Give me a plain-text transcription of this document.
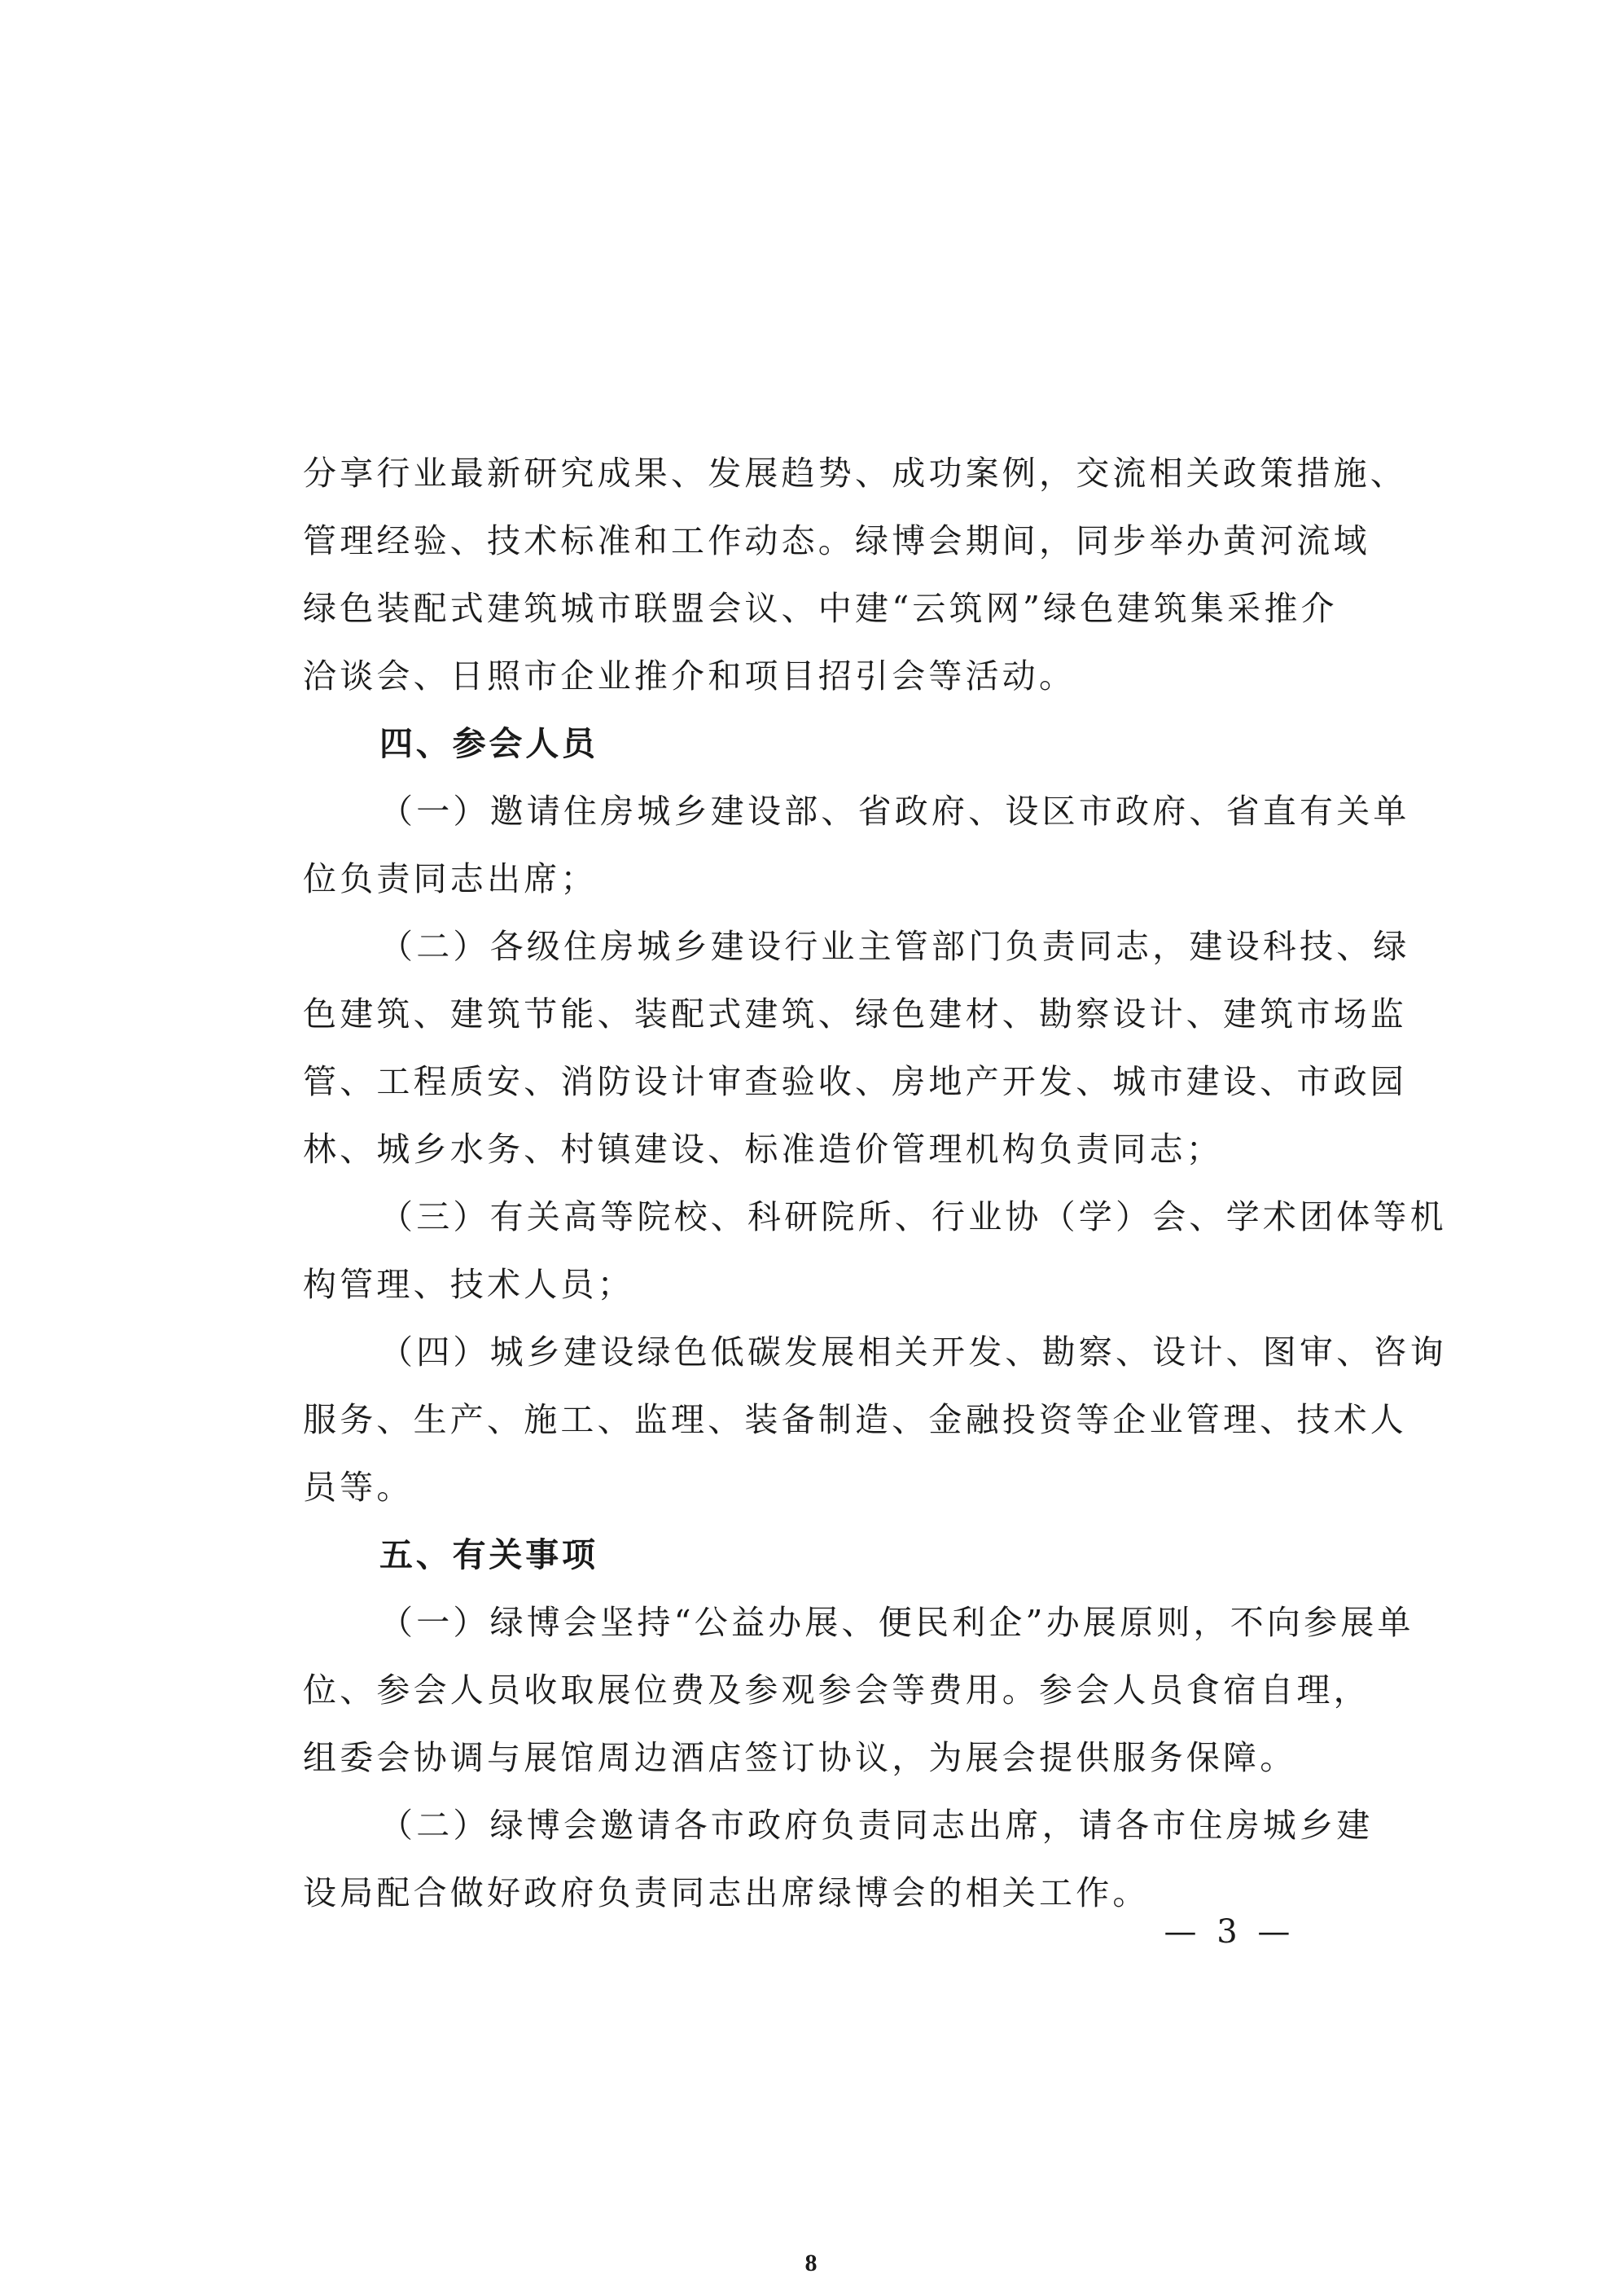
分享行业最新研究成果、发展趋势、成功案例，交流相关政策措施、
管理经验、技术标准和工作动态。绿博会期间，同步举办黄河流域
绿色装配式建筑城市联盟会议、中建“云筑网”绿色建筑集采推介
洽谈会、日照市企业推介和项目招引会等活动。
四、参会人员
（一）邀请住房城乡建设部、省政府、设区市政府、省直有关单
位负责同志出席；
（二）各级住房城乡建设行业主管部门负责同志，建设科技、绿
色建筑、建筑节能、装配式建筑、绿色建材、勘察设计、建筑市场监
管、工程质安、消防设计审查验收、房地产开发、城市建设、市政园
林、城乡水务、村镇建设、标准造价管理机构负责同志；
（三）有关高等院校、科研院所、行业协（学）会、学术团体等机
构管理、技术人员；
（四）城乡建设绿色低碳发展相关开发、勘察、设计、图审、咨询
服务、生产、施工、监理、装备制造、金融投资等企业管理、技术人
员等。
五、有关事项
（一）绿博会坚持“公益办展、便民利企”办展原则，不向参展单
位、参会人员收取展位费及参观参会等费用。参会人员食宿自理，
组委会协调与展馆周边酒店签订协议，为展会提供服务保障。
（二）绿博会邀请各市政府负责同志出席，请各市住房城乡建
设局配合做好政府负责同志出席绿博会的相关工作。
— 3 —
8
